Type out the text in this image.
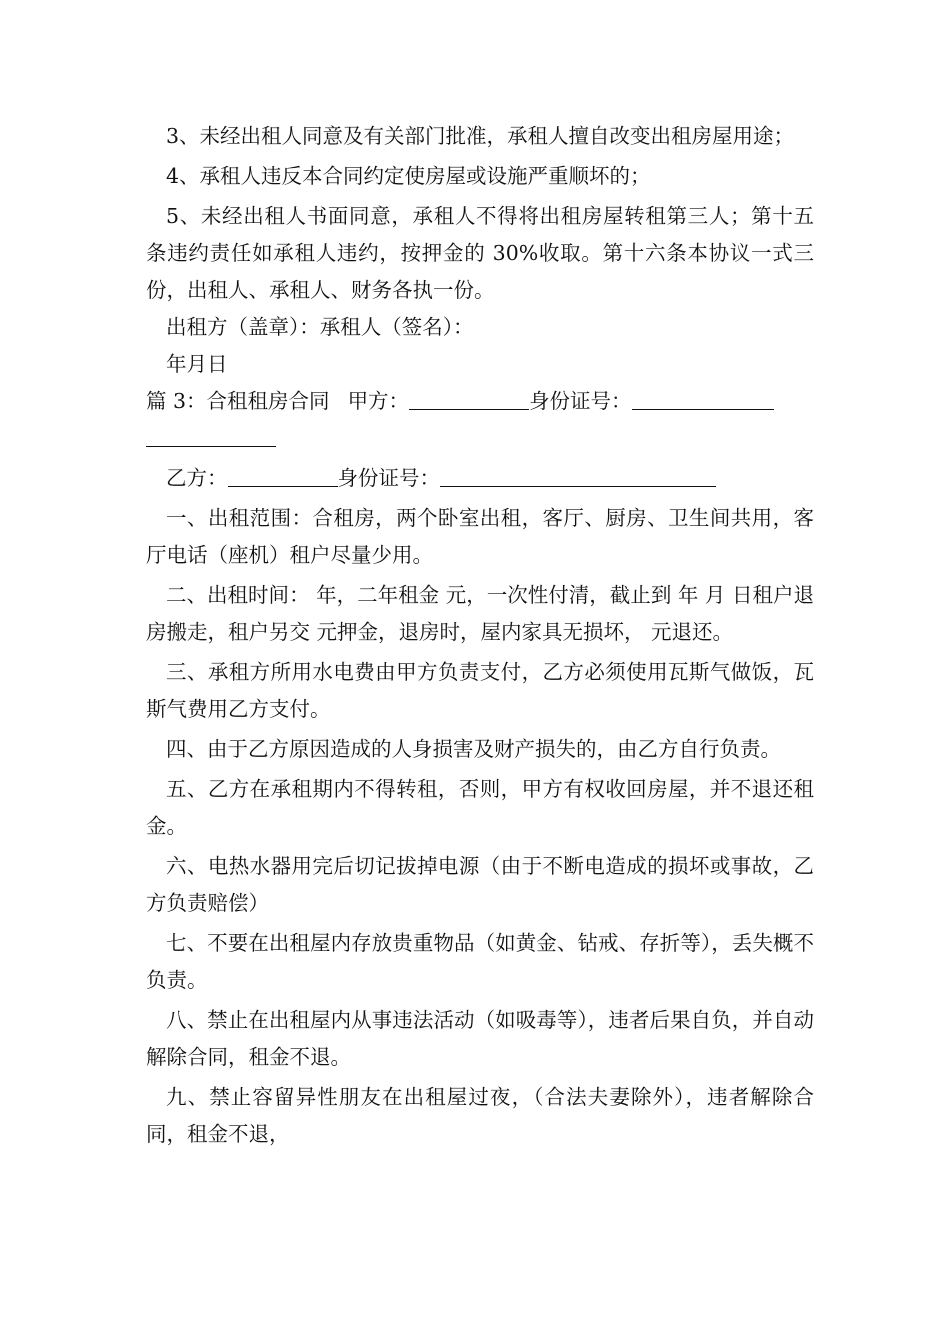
3、未经出租人同意及有关部门批准，承租人擅自改变出租房屋用途；

4、承租人违反本合同约定使房屋或设施严重顺坏的；

5、未经出租人书面同意，承租人不得将出租房屋转租第三人；第十五条违约责任如承租人违约，按押金的 30%收取。第十六条本协议一式三份，出租人、承租人、财务各执一份。

出租方（盖章）：承租人（签名）：

年月日

篇 3：合租租房合同 甲方：	身份证号：

乙方：	身份证号：

一、出租范围：合租房，两个卧室出租，客厅、厨房、卫生间共用，客厅电话（座机）租户尽量少用。

二、出租时间： 年，二年租金 元，一次性付清，截止到 年 月 日租户退房搬走，租户另交 元押金，退房时，屋内家具无损坏， 元退还。

三、承租方所用水电费由甲方负责支付，乙方必须使用瓦斯气做饭，瓦斯气费用乙方支付。

四、由于乙方原因造成的人身损害及财产损失的，由乙方自行负责。

五、乙方在承租期内不得转租，否则，甲方有权收回房屋，并不退还租金。

六、电热水器用完后切记拔掉电源（由于不断电造成的损坏或事故，乙方负责赔偿）

七、不要在出租屋内存放贵重物品（如黄金、钻戒、存折等），丢失概不负责。

八、禁止在出租屋内从事违法活动（如吸毒等），违者后果自负，并自动解除合同，租金不退。

九、禁止容留异性朋友在出租屋过夜，（合法夫妻除外），违者解除合同，租金不退，
